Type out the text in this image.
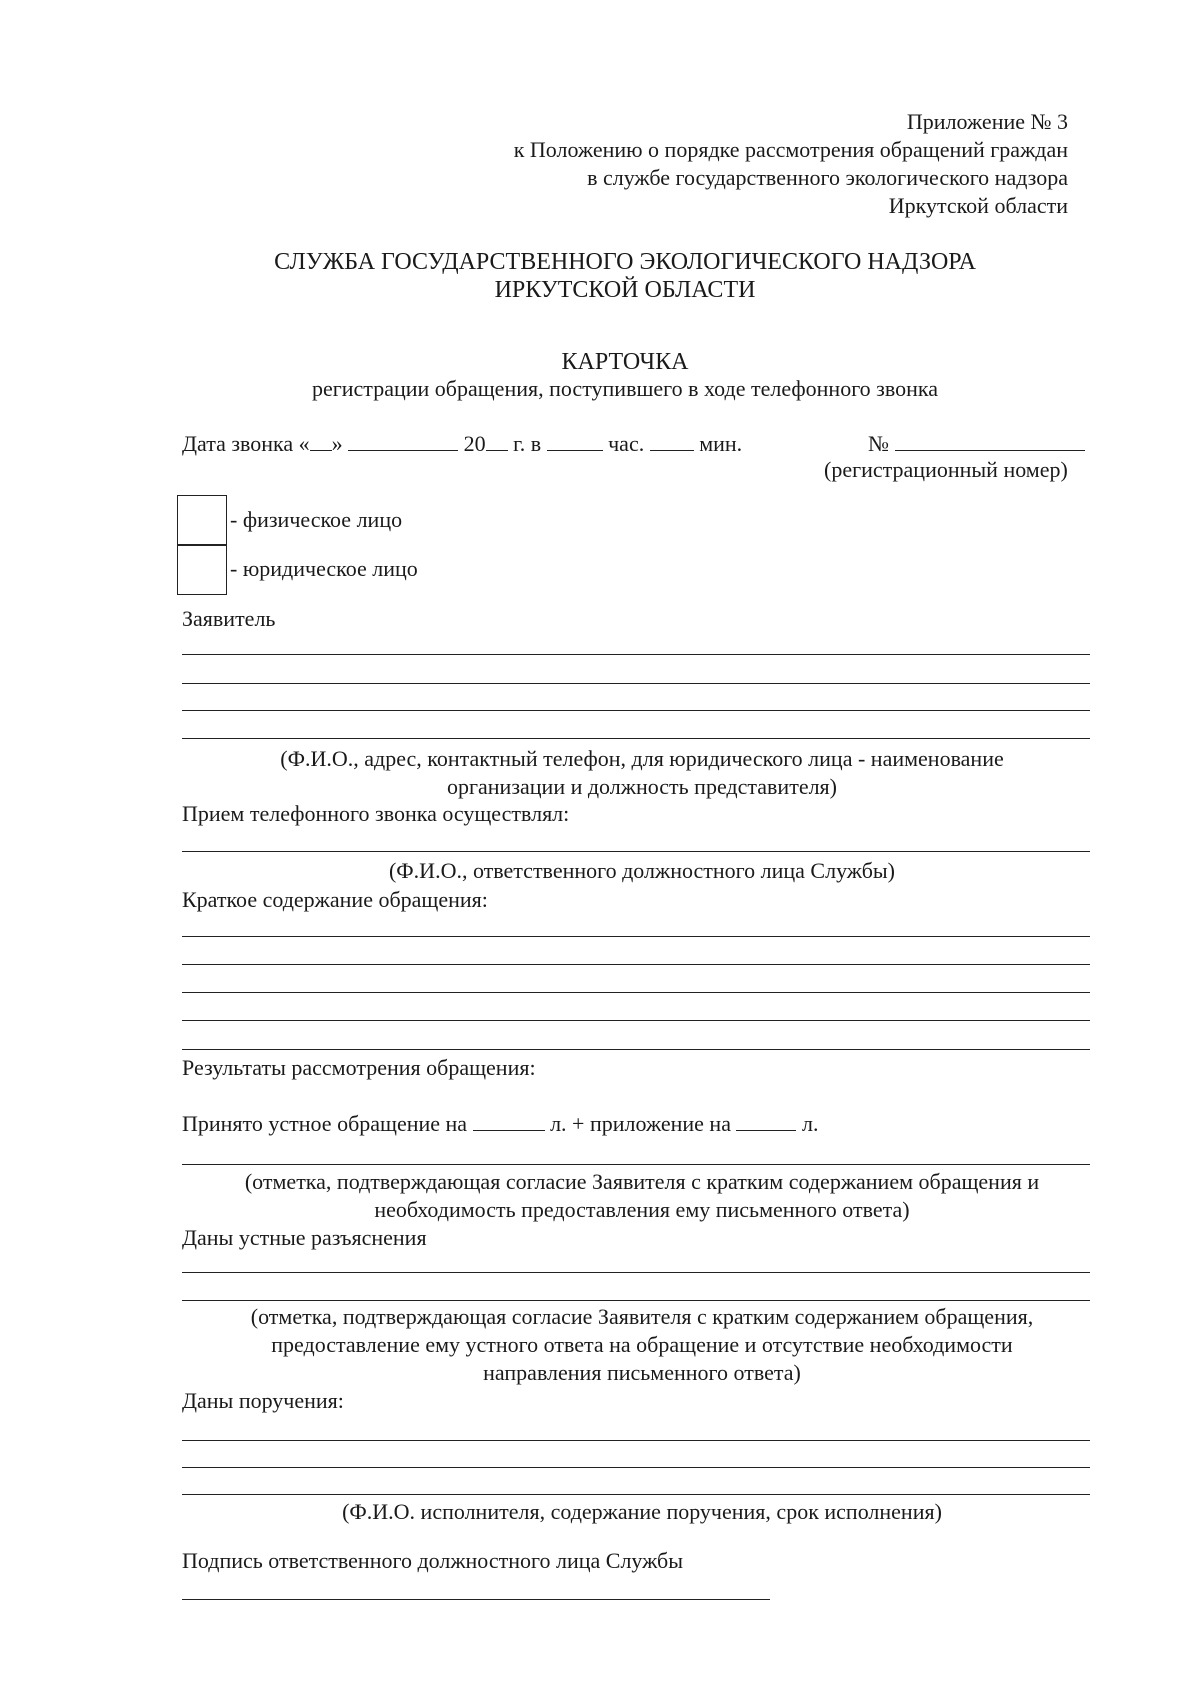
Приложение № 3
к Положению о порядке рассмотрения обращений граждан
в службе государственного экологического надзора
Иркутской области
СЛУЖБА ГОСУДАРСТВЕННОГО ЭКОЛОГИЧЕСКОГО НАДЗОРА
ИРКУТСКОЙ ОБЛАСТИ
КАРТОЧКА
регистрации обращения, поступившего в ходе телефонного звонка
Дата звонка « »	20 г. в	час.	мин.	№
(регистрационный номер)
- физическое лицо
- юридическое лицо
Заявитель
(Ф.И.О., адрес, контактный телефон, для юридического лица - наименование
организации и должность представителя)
Прием телефонного звонка осуществлял:
(Ф.И.О., ответственного должностного лица Службы)
Краткое содержание обращения:
Результаты рассмотрения обращения:
Принято устное обращение на	л. + приложение на	л.
(отметка, подтверждающая согласие Заявителя с кратким содержанием обращения и
необходимость предоставления ему письменного ответа)
Даны устные разъяснения
(отметка, подтверждающая согласие Заявителя с кратким содержанием обращения,
предоставление ему устного ответа на обращение и отсутствие необходимости
направления письменного ответа)
Даны поручения:
(Ф.И.О. исполнителя, содержание поручения, срок исполнения)
Подпись ответственного должностного лица Службы
